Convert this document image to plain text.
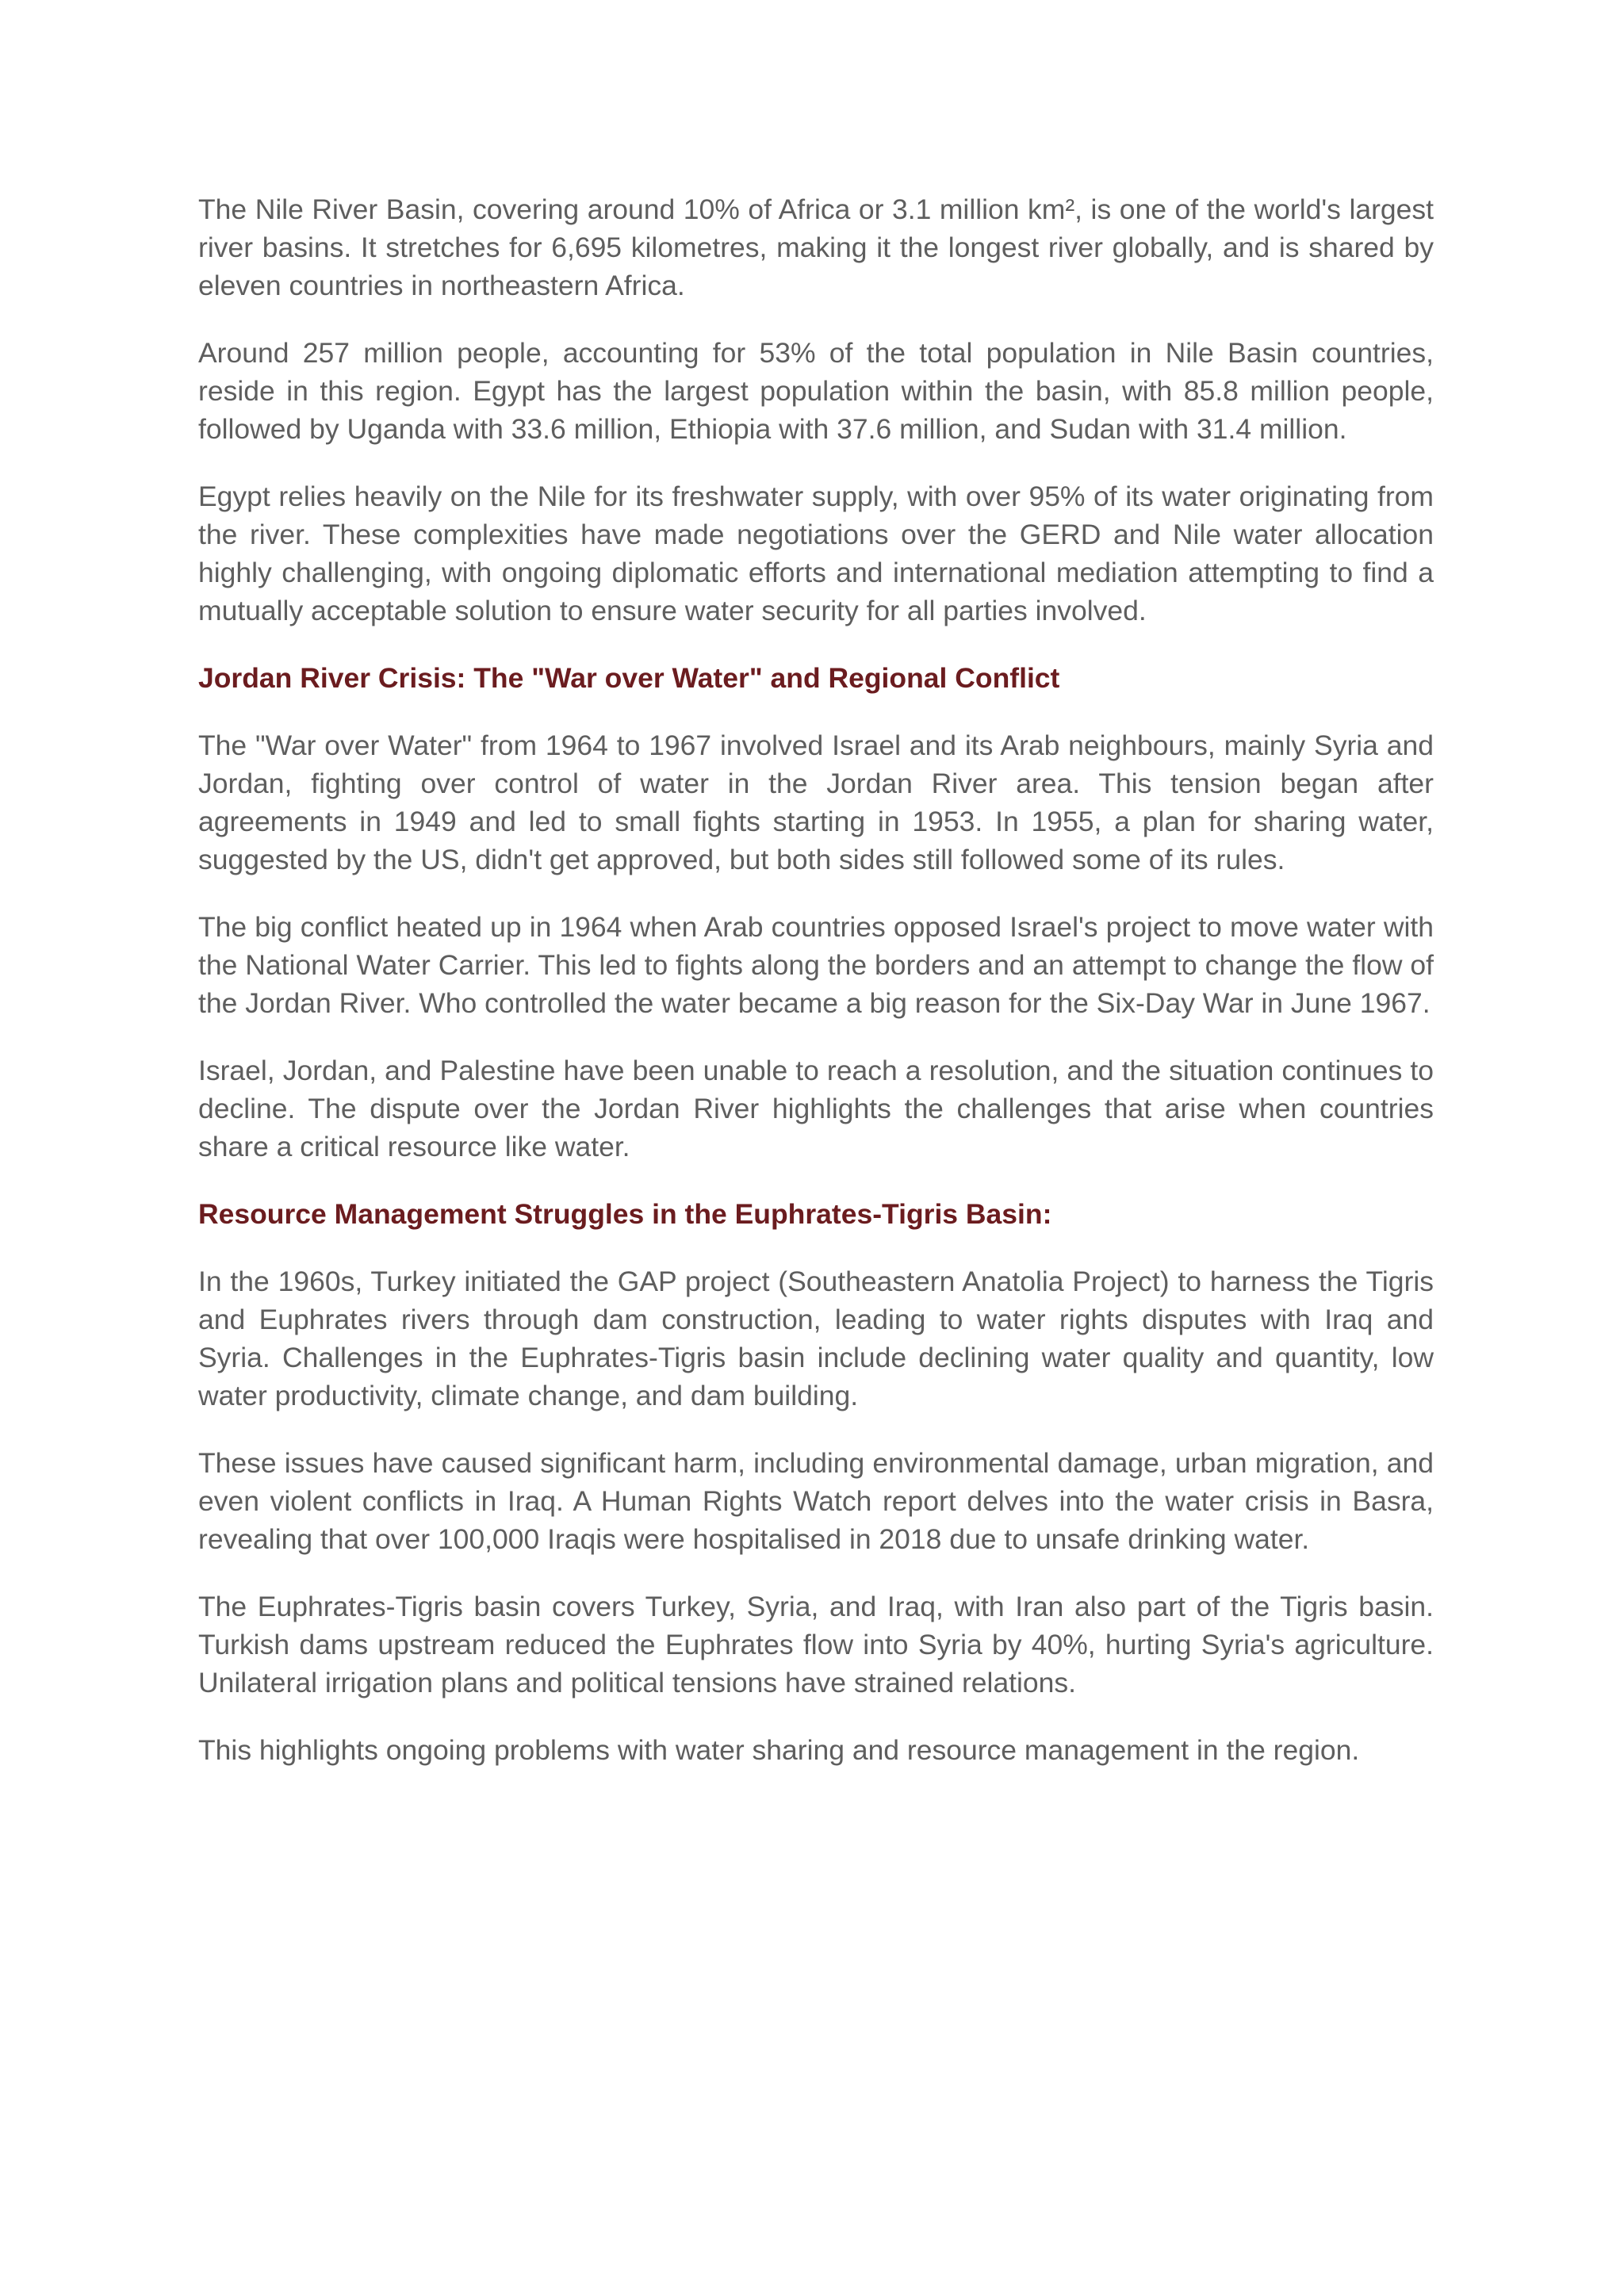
The Nile River Basin, covering around 10% of Africa or 3.1 million km², is one of the world's largest river basins. It stretches for 6,695 kilometres, making it the longest river globally, and is shared by eleven countries in northeastern Africa.

Around 257 million people, accounting for 53% of the total population in Nile Basin countries, reside in this region. Egypt has the largest population within the basin, with 85.8 million people, followed by Uganda with 33.6 million, Ethiopia with 37.6 million, and Sudan with 31.4 million.

Egypt relies heavily on the Nile for its freshwater supply, with over 95% of its water originating from the river. These complexities have made negotiations over the GERD and Nile water allocation highly challenging, with ongoing diplomatic efforts and international mediation attempting to find a mutually acceptable solution to ensure water security for all parties involved.

Jordan River Crisis: The "War over Water" and Regional Conflict

The "War over Water" from 1964 to 1967 involved Israel and its Arab neighbours, mainly Syria and Jordan, fighting over control of water in the Jordan River area. This tension began after agreements in 1949 and led to small fights starting in 1953. In 1955, a plan for sharing water, suggested by the US, didn't get approved, but both sides still followed some of its rules.

The big conflict heated up in 1964 when Arab countries opposed Israel's project to move water with the National Water Carrier. This led to fights along the borders and an attempt to change the flow of the Jordan River. Who controlled the water became a big reason for the Six-Day War in June 1967.

Israel, Jordan, and Palestine have been unable to reach a resolution, and the situation continues to decline. The dispute over the Jordan River highlights the challenges that arise when countries share a critical resource like water.

Resource Management Struggles in the Euphrates-Tigris Basin:

In the 1960s, Turkey initiated the GAP project (Southeastern Anatolia Project) to harness the Tigris and Euphrates rivers through dam construction, leading to water rights disputes with Iraq and Syria. Challenges in the Euphrates-Tigris basin include declining water quality and quantity, low water productivity, climate change, and dam building.

These issues have caused significant harm, including environmental damage, urban migration, and even violent conflicts in Iraq. A Human Rights Watch report delves into the water crisis in Basra, revealing that over 100,000 Iraqis were hospitalised in 2018 due to unsafe drinking water.

The Euphrates-Tigris basin covers Turkey, Syria, and Iraq, with Iran also part of the Tigris basin. Turkish dams upstream reduced the Euphrates flow into Syria by 40%, hurting Syria's agriculture. Unilateral irrigation plans and political tensions have strained relations.

This highlights ongoing problems with water sharing and resource management in the region.
